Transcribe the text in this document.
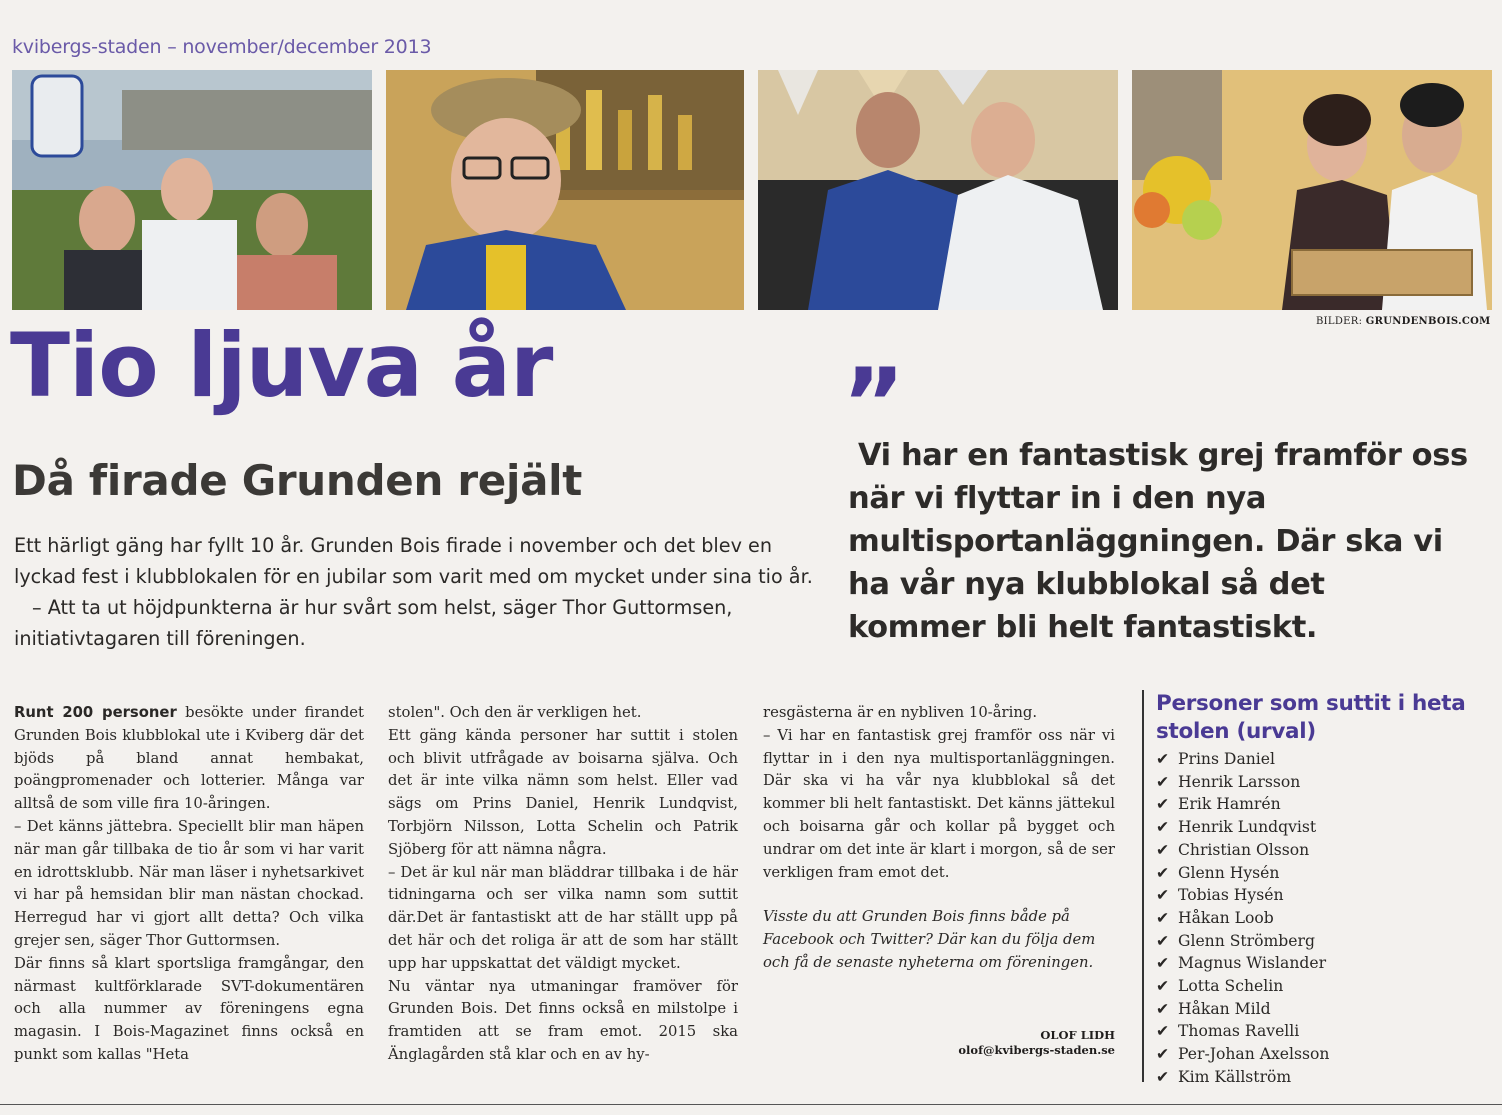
kvibergs-staden – november/december 2013
BILDER: GRUNDENBOIS.COM
Tio ljuva år
Då firade Grunden rejält

Ett härligt gäng har fyllt 10 år. Grunden Bois firade i november och det blev en lyckad fest i klubblokalen för en jubilar som varit med om mycket under sina tio år.

– Att ta ut höjdpunkterna är hur svårt som helst, säger Thor Guttormsen, initiativtagaren till föreningen.

”
Vi har en fantastisk grej framför oss när vi flyttar in i den nya multisportanläggningen. Där ska vi ha vår nya klubblokal så det kommer bli helt fantastiskt.

Runt 200 personer besökte under firandet Grunden Bois klubblokal ute i Kviberg där det bjöds på bland annat hembakat, poängpromenader och lotterier. Många var alltså de som ville fira 10-åringen.

– Det känns jättebra. Speciellt blir man häpen när man går tillbaka de tio år som vi har varit en idrottsklubb. När man läser i nyhetsarkivet vi har på hemsidan blir man nästan chockad. Herregud har vi gjort allt detta? Och vilka grejer sen, säger Thor Guttormsen.

Där finns så klart sportsliga framgångar, den närmast kultförklarade SVT-dokumentären och alla nummer av föreningens egna magasin. I Bois-Magazinet finns också en punkt som kallas "Heta

stolen". Och den är verkligen het.

Ett gäng kända personer har suttit i stolen och blivit utfrågade av boisarna själva. Och det är inte vilka nämn som helst. Eller vad sägs om Prins Daniel, Henrik Lundqvist, Torbjörn Nilsson, Lotta Schelin och Patrik Sjöberg för att nämna några.

– Det är kul när man bläddrar tillbaka i de här tidningarna och ser vilka namn som suttit där.Det är fantastiskt att de har ställt upp på det här och det roliga är att de som har ställt upp har uppskattat det väldigt mycket.

Nu väntar nya utmaningar framöver för Grunden Bois. Det finns också en milstolpe i framtiden att se fram emot. 2015 ska Änglagården stå klar och en av hy-

resgästerna är en nybliven 10-åring.

– Vi har en fantastisk grej framför oss när vi flyttar in i den nya multisportanläggningen. Där ska vi ha vår nya klubblokal så det kommer bli helt fantastiskt. Det känns jättekul och boisarna går och kollar på bygget och undrar om det inte är klart i morgon, så de ser verkligen fram emot det.

Visste du att Grunden Bois finns både på Facebook och Twitter? Där kan du följa dem och få de senaste nyheterna om föreningen.

OLOF LIDH
olof@kvibergs-staden.se
Personer som suttit i heta stolen (urval)
✔ Prins Daniel
✔ Henrik Larsson
✔ Erik Hamrén
✔ Henrik Lundqvist
✔ Christian Olsson
✔ Glenn Hysén
✔ Tobias Hysén
✔ Håkan Loob
✔ Glenn Strömberg
✔ Magnus Wislander
✔ Lotta Schelin
✔ Håkan Mild
✔ Thomas Ravelli
✔ Per-Johan Axelsson
✔ Kim Källström
